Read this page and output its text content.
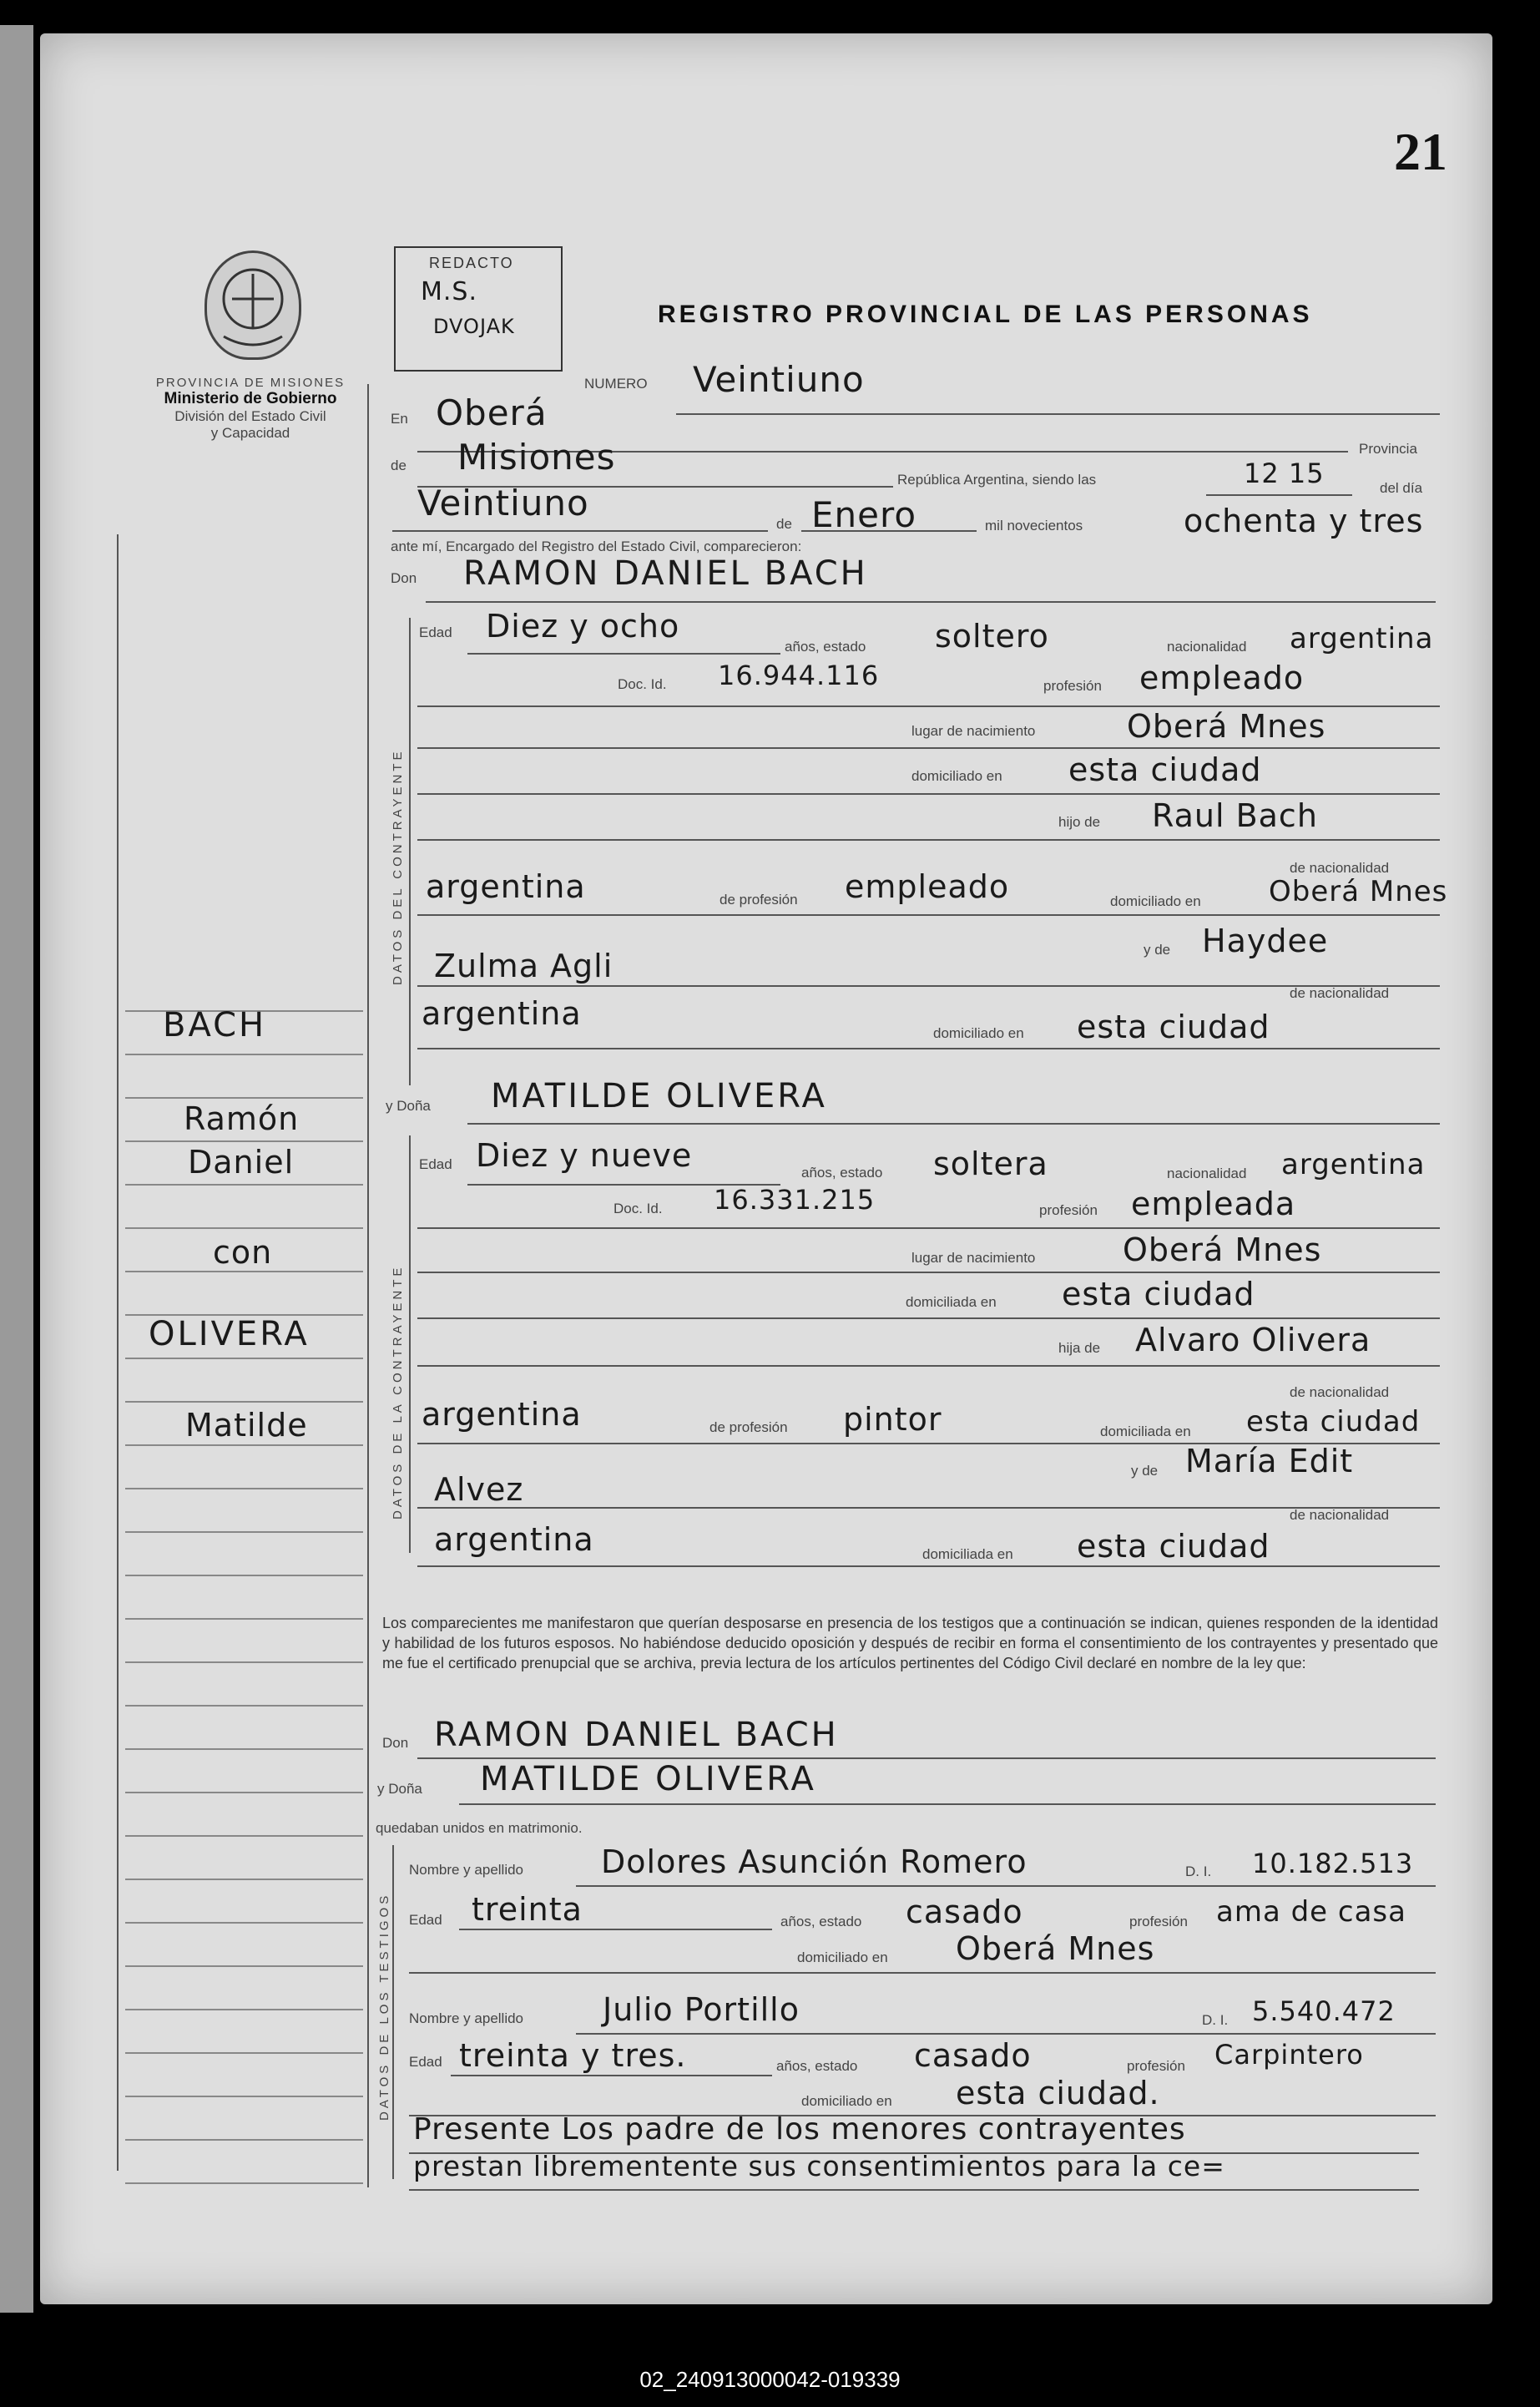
21
PROVINCIA DE MISIONES
Ministerio de Gobierno
División del Estado Civil
y Capacidad
REDACTO
M.S.
DVOJAK	REGISTRO PROVINCIAL DE LAS PERSONAS
BACH
Ramón
Daniel
con
OLIVERA
Matilde
NUMERO Veintiuno
En Oberá
Provincia
de Misiones
República Argentina, siendo las	12 15	del día
Veintiuno
de Enero	mil novecientos	ochenta y tres
ante mí, Encargado del Registro del Estado Civil, comparecieron:
Don RAMON DANIEL BACH
DATOS DEL CONTRAYENTE
Edad Diez y ocho
años, estado soltero	nacionalidad argentina
Doc. Id. 16.944.116	profesión empleado
lugar de nacimiento	Oberá Mnes
domiciliado en esta ciudad
hijo de Raul Bach
de nacionalidad
argentina	de profesión empleado	domiciliado en Oberá Mnes
y de Haydee
Zulma Agli
de nacionalidad
argentina
domiciliado en esta ciudad
y Doña MATILDE OLIVERA
DATOS DE LA CONTRAYENTE
Edad Diez y nueve	años, estado soltera	nacionalidad argentina
Doc. Id. 16.331.215	profesión empleada
lugar de nacimiento	Oberá Mnes
domiciliada en esta ciudad
hija de Alvaro Olivera
de nacionalidad
argentina	de profesión pintor	domiciliada en esta ciudad
y de María Edit
Alvez
de nacionalidad
argentina	domiciliada en esta ciudad
Los comparecientes me manifestaron que querían desposarse en presencia de los testigos que a continuación se indican, quienes responden de la identidad y habilidad de los futuros esposos. No habiéndose deducido oposición y después de recibir en forma el consentimiento de los contrayentes y presentado que me fue el certificado prenupcial que se archiva, previa lectura de los artículos pertinentes del Código Civil declaré en nombre de la ley que:
Don RAMON DANIEL BACH
y Doña MATILDE OLIVERA
quedaban unidos en matrimonio.
DATOS DE LOS TESTIGOS
Nombre y apellido Dolores Asunción Romero	D. I. 10.182.513
Edad treinta	años, estado casado	profesión ama de casa
domiciliado en Oberá Mnes
Nombre y apellido Julio Portillo	D. I. 5.540.472
Edad treinta y tres.	años, estado casado	profesión Carpintero
domiciliado en esta ciudad.
Presente Los padre de los menores contrayentes
prestan librementente sus consentimientos para la ce=
02_240913000042-019339
